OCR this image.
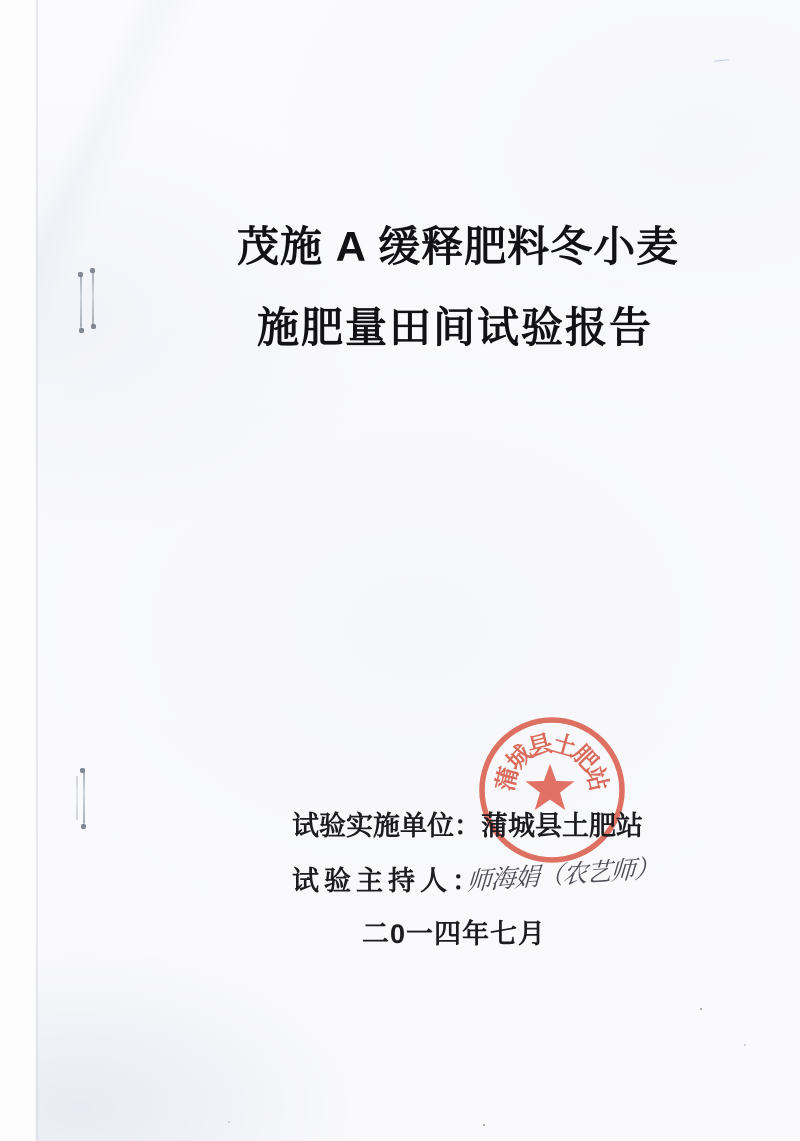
蒲
城
县
土
肥
站
茂施 A 缓释肥料冬小麦
施肥量田间试验报告
试验实施单位：蒲城县土肥站
试验主持人：
师海娟（农艺师）
二0一四年七月
